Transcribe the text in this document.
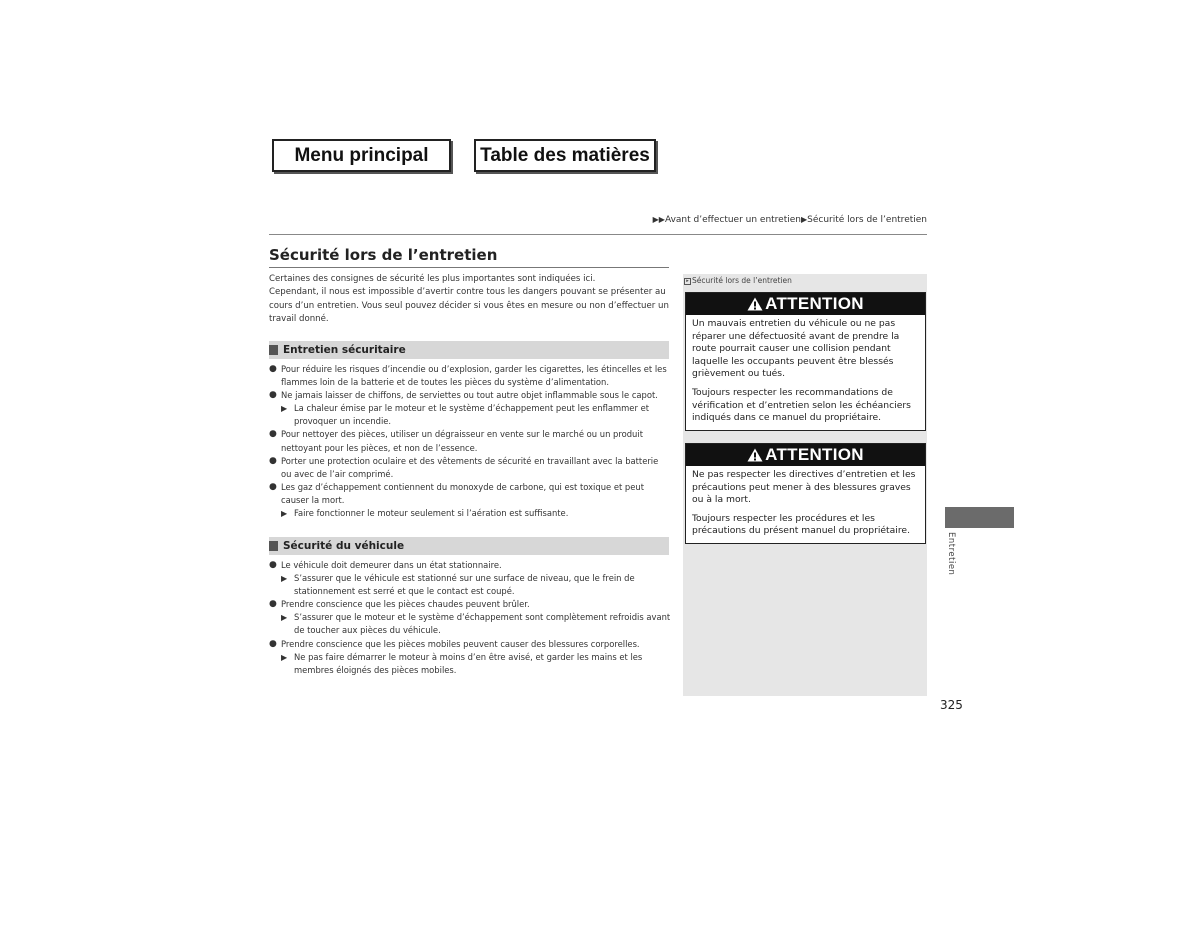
Menu principal	Table des matières
▶▶Avant d’effectuer un entretien▶Sécurité lors de l’entretien
Sécurité lors de l’entretien

Certaines des consignes de sécurité les plus importantes sont indiquées ici.

Cependant, il nous est impossible d’avertir contre tous les dangers pouvant se présenter au cours d’un entretien. Vous seul pouvez décider si vous êtes en mesure ou non d’effectuer un travail donné.

Entretien sécuritaire
● Pour réduire les risques d’incendie ou d’explosion, garder les cigarettes, les étincelles et les flammes loin de la batterie et de toutes les pièces du système d’alimentation.
● Ne jamais laisser de chiffons, de serviettes ou tout autre objet inflammable sous le capot.
▶ La chaleur émise par le moteur et le système d’échappement peut les enflammer et provoquer un incendie.
● Pour nettoyer des pièces, utiliser un dégraisseur en vente sur le marché ou un produit nettoyant pour les pièces, et non de l’essence.
● Porter une protection oculaire et des vêtements de sécurité en travaillant avec la batterie ou avec de l’air comprimé.
● Les gaz d’échappement contiennent du monoxyde de carbone, qui est toxique et peut causer la mort.
▶ Faire fonctionner le moteur seulement si l’aération est suffisante.
Sécurité du véhicule
● Le véhicule doit demeurer dans un état stationnaire.
▶ S’assurer que le véhicule est stationné sur une surface de niveau, que le frein de stationnement est serré et que le contact est coupé.
● Prendre conscience que les pièces chaudes peuvent brûler.
▶ S’assurer que le moteur et le système d’échappement sont complètement refroidis avant de toucher aux pièces du véhicule.
● Prendre conscience que les pièces mobiles peuvent causer des blessures corporelles.
▶ Ne pas faire démarrer le moteur à moins d’en être avisé, et garder les mains et les membres éloignés des pièces mobiles.
▸ Sécurité lors de l’entretien
ATTENTION

Un mauvais entretien du véhicule ou ne pas réparer une défectuosité avant de prendre la route pourrait causer une collision pendant laquelle les occupants peuvent être blessés grièvement ou tués.

Toujours respecter les recommandations de vérification et d’entretien selon les échéanciers indiqués dans ce manuel du propriétaire.

ATTENTION

Ne pas respecter les directives d’entretien et les précautions peut mener à des blessures graves ou à la mort.

Toujours respecter les procédures et les précautions du présent manuel du propriétaire.

Entretien
325
